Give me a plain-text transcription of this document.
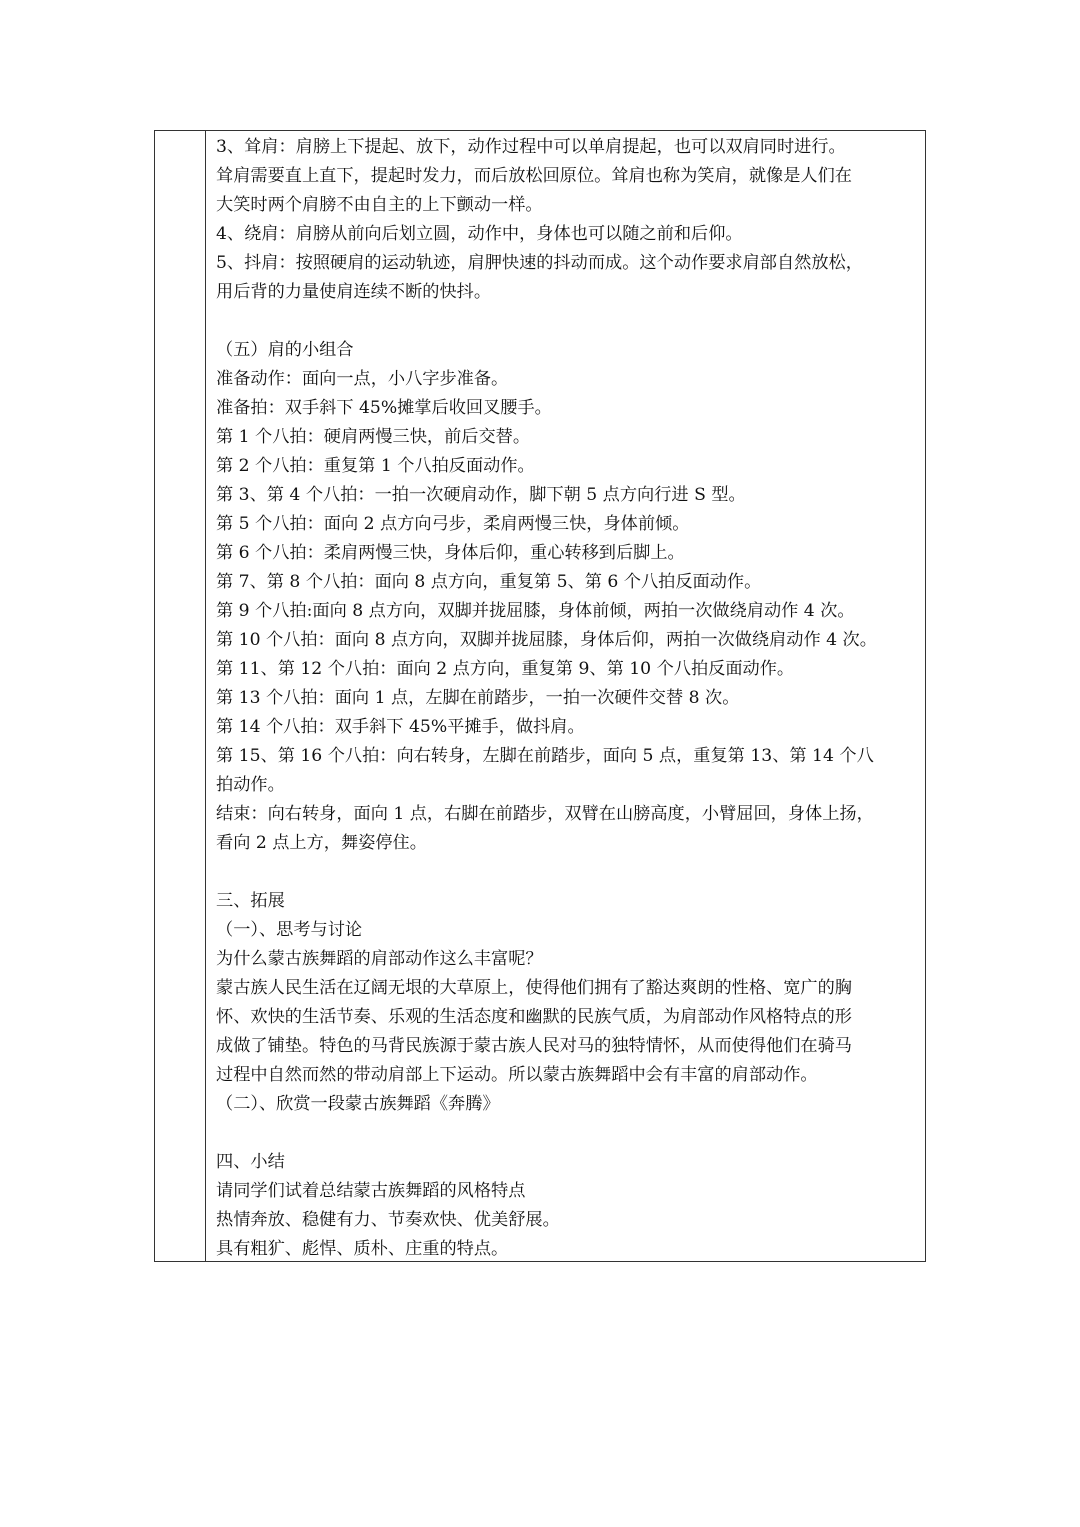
3、耸肩：肩膀上下提起、放下，动作过程中可以单肩提起，也可以双肩同时进行。
耸肩需要直上直下，提起时发力，而后放松回原位。耸肩也称为笑肩，就像是人们在
大笑时两个肩膀不由自主的上下颤动一样。
4、绕肩：肩膀从前向后划立圆，动作中，身体也可以随之前和后仰。
5、抖肩：按照硬肩的运动轨迹，肩胛快速的抖动而成。这个动作要求肩部自然放松，
用后背的力量使肩连续不断的快抖。
（五）肩的小组合
准备动作：面向一点，小八字步准备。
准备拍：双手斜下 45%摊掌后收回叉腰手。
第 1 个八拍：硬肩两慢三快，前后交替。
第 2 个八拍：重复第 1 个八拍反面动作。
第 3、第 4 个八拍：一拍一次硬肩动作，脚下朝 5 点方向行进 S 型。
第 5 个八拍：面向 2 点方向弓步，柔肩两慢三快，身体前倾。
第 6 个八拍：柔肩两慢三快，身体后仰，重心转移到后脚上。
第 7、第 8 个八拍：面向 8 点方向，重复第 5、第 6 个八拍反面动作。
第 9 个八拍:面向 8 点方向，双脚并拢屈膝，身体前倾，两拍一次做绕肩动作 4 次。
第 10 个八拍：面向 8 点方向，双脚并拢屈膝，身体后仰，两拍一次做绕肩动作 4 次。
第 11、第 12 个八拍：面向 2 点方向，重复第 9、第 10 个八拍反面动作。
第 13 个八拍：面向 1 点，左脚在前踏步，一拍一次硬件交替 8 次。
第 14 个八拍：双手斜下 45%平摊手，做抖肩。
第 15、第 16 个八拍：向右转身，左脚在前踏步，面向 5 点，重复第 13、第 14 个八
拍动作。
结束：向右转身，面向 1 点，右脚在前踏步，双臂在山膀高度，小臂屈回，身体上扬，
看向 2 点上方，舞姿停住。
三、拓展
（一）、思考与讨论
为什么蒙古族舞蹈的肩部动作这么丰富呢？
蒙古族人民生活在辽阔无垠的大草原上，使得他们拥有了豁达爽朗的性格、宽广的胸
怀、欢快的生活节奏、乐观的生活态度和幽默的民族气质，为肩部动作风格特点的形
成做了铺垫。特色的马背民族源于蒙古族人民对马的独特情怀，从而使得他们在骑马
过程中自然而然的带动肩部上下运动。所以蒙古族舞蹈中会有丰富的肩部动作。
（二）、欣赏一段蒙古族舞蹈《奔腾》
四、小结
请同学们试着总结蒙古族舞蹈的风格特点
热情奔放、稳健有力、节奏欢快、优美舒展。
具有粗犷、彪悍、质朴、庄重的特点。
